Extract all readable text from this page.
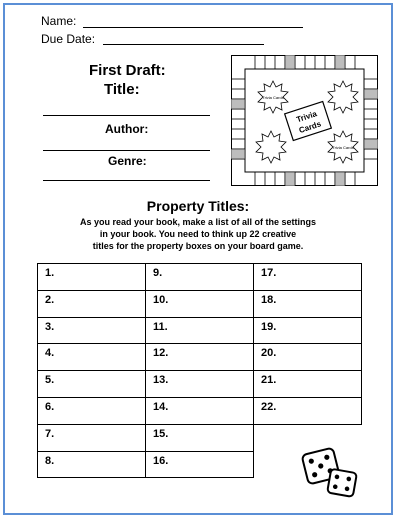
Name:
Due Date:
First Draft:
Title:
Author:
Genre:
Trivia Cards
Trivia Cards
Trivia
Cards
Property Titles:
As you read your book, make a list of all of the settings
in your book. You need to think up 22 creative
titles for the property boxes on your board game.
1.	9.	17.
2.	10.	18.
3.	11.	19.
4.	12.	20.
5.	13.	21.
6.	14.	22.
7.	15.	
8.	16.	
